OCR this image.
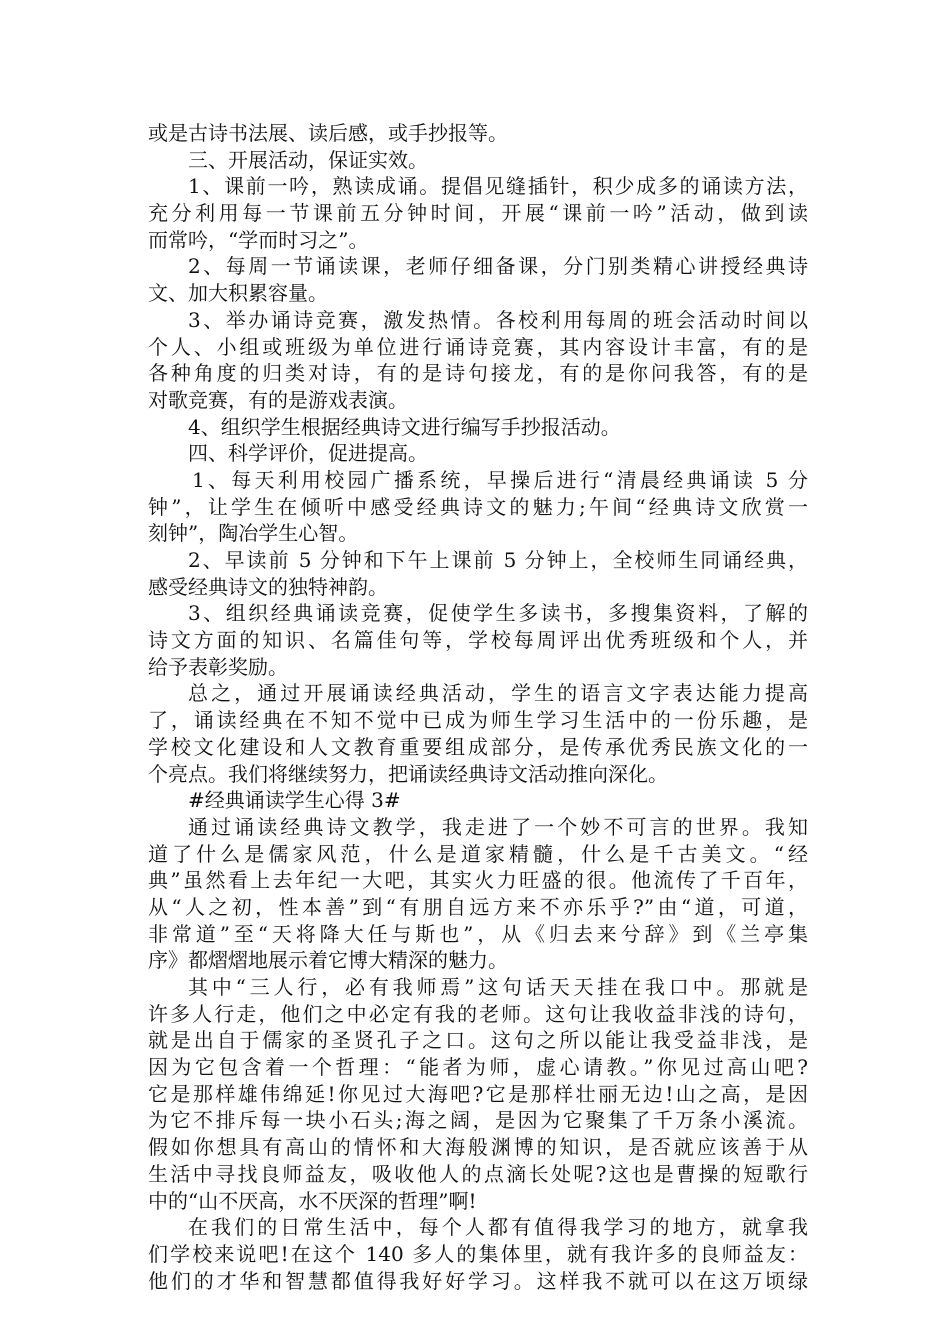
或是古诗书法展、读后感，或手抄报等。
三、开展活动，保证实效。
1、课前一吟，熟读成诵。提倡见缝插针，积少成多的诵读方法，
充分利用每一节课前五分钟时间，开展“课前一吟”活动，做到读
而常吟，“学而时习之”。
2、每周一节诵读课，老师仔细备课，分门别类精心讲授经典诗
文、加大积累容量。
3、举办诵诗竞赛，激发热情。各校利用每周的班会活动时间以
个人、小组或班级为单位进行诵诗竞赛，其内容设计丰富，有的是
各种角度的归类对诗，有的是诗句接龙，有的是你问我答，有的是
对歌竞赛，有的是游戏表演。
4、组织学生根据经典诗文进行编写手抄报活动。
四、科学评价，促进提高。
1、每天利用校园广播系统，早操后进行“清晨经典诵读 5 分
钟”，让学生在倾听中感受经典诗文的魅力;午间“经典诗文欣赏一
刻钟”，陶冶学生心智。
2、早读前 5 分钟和下午上课前 5 分钟上，全校师生同诵经典，
感受经典诗文的独特神韵。
3、组织经典诵读竞赛，促使学生多读书，多搜集资料，了解的
诗文方面的知识、名篇佳句等，学校每周评出优秀班级和个人，并
给予表彰奖励。
总之，通过开展诵读经典活动，学生的语言文字表达能力提高
了，诵读经典在不知不觉中已成为师生学习生活中的一份乐趣，是
学校文化建设和人文教育重要组成部分，是传承优秀民族文化的一
个亮点。我们将继续努力，把诵读经典诗文活动推向深化。
#经典诵读学生心得 3#
通过诵读经典诗文教学，我走进了一个妙不可言的世界。我知
道了什么是儒家风范，什么是道家精髓，什么是千古美文。“经
典”虽然看上去年纪一大吧，其实火力旺盛的很。他流传了千百年，
从“人之初，性本善”到“有朋自远方来不亦乐乎?”由“道，可道，
非常道”至“天将降大任与斯也”，从《归去来兮辞》到《兰亭集
序》都熠熠地展示着它博大精深的魅力。
其中“三人行，必有我师焉”这句话天天挂在我口中。那就是
许多人行走，他们之中必定有我的老师。这句让我收益非浅的诗句，
就是出自于儒家的圣贤孔子之口。这句之所以能让我受益非浅，是
因为它包含着一个哲理：“能者为师，虚心请教。”你见过高山吧?
它是那样雄伟绵延!你见过大海吧?它是那样壮丽无边!山之高，是因
为它不排斥每一块小石头;海之阔，是因为它聚集了千万条小溪流。
假如你想具有高山的情怀和大海般渊博的知识，是否就应该善于从
生活中寻找良师益友，吸收他人的点滴长处呢?这也是曹操的短歌行
中的“山不厌高，水不厌深的哲理”啊!
在我们的日常生活中，每个人都有值得我学习的地方，就拿我
们学校来说吧!在这个 140 多人的集体里，就有我许多的良师益友：
他们的才华和智慧都值得我好好学习。这样我不就可以在这万顷绿
